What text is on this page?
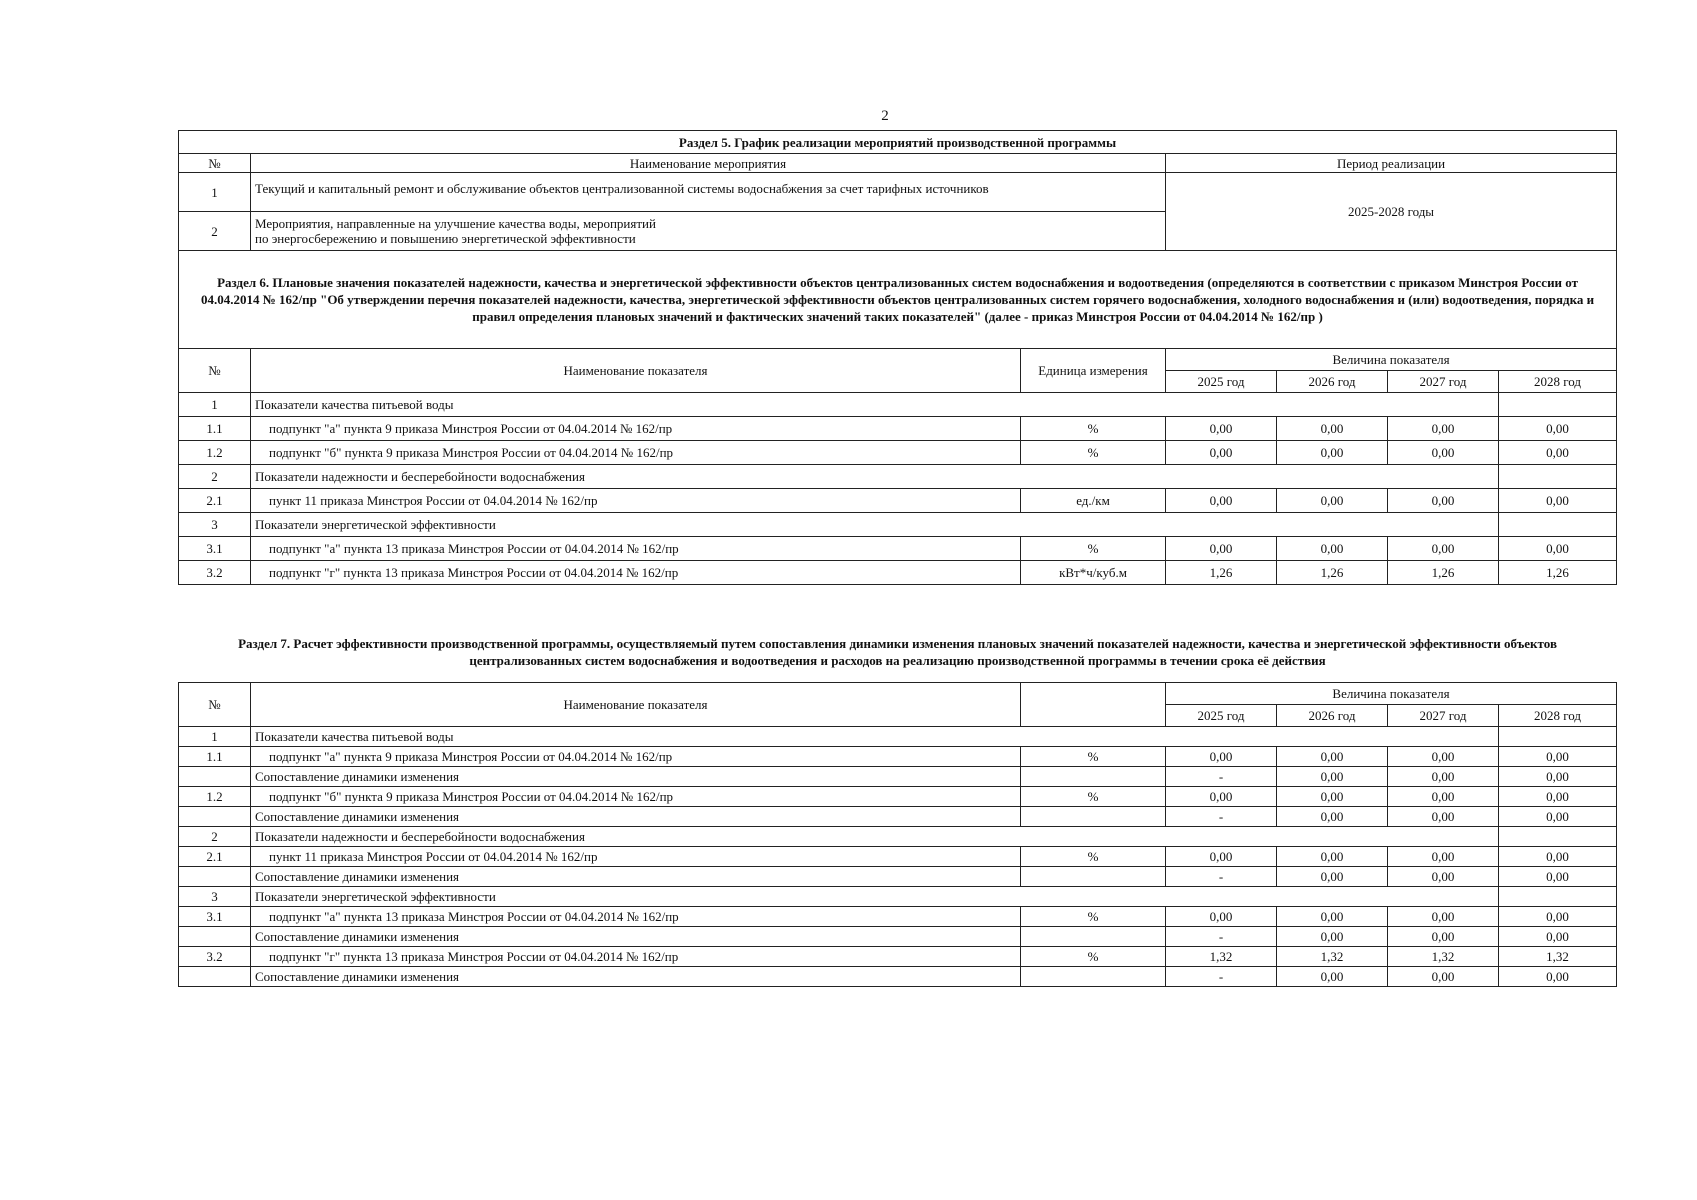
2
Раздел 5. График реализации мероприятий производственной программы		
№	Наименование мероприятия	Период реализации
1	Текущий и капитальный ремонт и обслуживание объектов централизованной системы водоснабжения за счет тарифных источников	2025-2028 годы
2	Мероприятия, направленные на улучшение качества воды, мероприятий
по энергосбережению и повышению энергетической эффективности	
Раздел 6. Плановые значения показателей надежности, качества и энергетической эффективности объектов централизованных систем водоснабжения и водоотведения (определяются в соответствии с приказом Минстроя России от 04.04.2014 № 162/пр "Об утверждении перечня показателей надежности, качества, энергетической эффективности объектов централизованных систем горячего водоснабжения, холодного водоснабжения и (или) водоотведения, порядка и правил определения плановых значений и фактических значений таких показателей" (далее - приказ Минстроя России от 04.04.2014 № 162/пр )						
№	Наименование показателя	Единица измерения	Величина показателя			
			2025 год	2026 год	2027 год	2028 год
1	Показатели качества питьевой воды					
1.1	подпункт "а" пункта 9 приказа Минстроя России от 04.04.2014 № 162/пр	%	0,00	0,00	0,00	0,00
1.2	подпункт "б" пункта 9 приказа Минстроя России от 04.04.2014 № 162/пр	%	0,00	0,00	0,00	0,00
2	Показатели надежности и бесперебойности водоснабжения					
2.1	пункт 11 приказа Минстроя России от 04.04.2014 № 162/пр	ед./км	0,00	0,00	0,00	0,00
3	Показатели энергетической эффективности					
3.1	подпункт "а" пункта 13 приказа Минстроя России от 04.04.2014 № 162/пр	%	0,00	0,00	0,00	0,00
3.2	подпункт "г" пункта 13 приказа Минстроя России от 04.04.2014 № 162/пр	кВт*ч/куб.м	1,26	1,26	1,26	1,26
Раздел 7. Расчет эффективности производственной программы, осуществляемый путем сопоставления динамики изменения плановых значений показателей надежности, качества и энергетической эффективности объектов централизованных систем водоснабжения и водоотведения и расходов на реализацию производственной программы в течении срока её действия						
№	Наименование показателя		Величина показателя			
			2025 год	2026 год	2027 год	2028 год
1	Показатели качества питьевой воды					
1.1	подпункт "а" пункта 9 приказа Минстроя России от 04.04.2014 № 162/пр	%	0,00	0,00	0,00	0,00
	Сопоставление динамики изменения		-	0,00	0,00	0,00
1.2	подпункт "б" пункта 9 приказа Минстроя России от 04.04.2014 № 162/пр	%	0,00	0,00	0,00	0,00
	Сопоставление динамики изменения		-	0,00	0,00	0,00
2	Показатели надежности и бесперебойности водоснабжения					
2.1	пункт 11 приказа Минстроя России от 04.04.2014 № 162/пр	%	0,00	0,00	0,00	0,00
	Сопоставление динамики изменения		-	0,00	0,00	0,00
3	Показатели энергетической эффективности					
3.1	подпункт "а" пункта 13 приказа Минстроя России от 04.04.2014 № 162/пр	%	0,00	0,00	0,00	0,00
	Сопоставление динамики изменения		-	0,00	0,00	0,00
3.2	подпункт "г" пункта 13 приказа Минстроя России от 04.04.2014 № 162/пр	%	1,32	1,32	1,32	1,32
	Сопоставление динамики изменения		-	0,00	0,00	0,00
